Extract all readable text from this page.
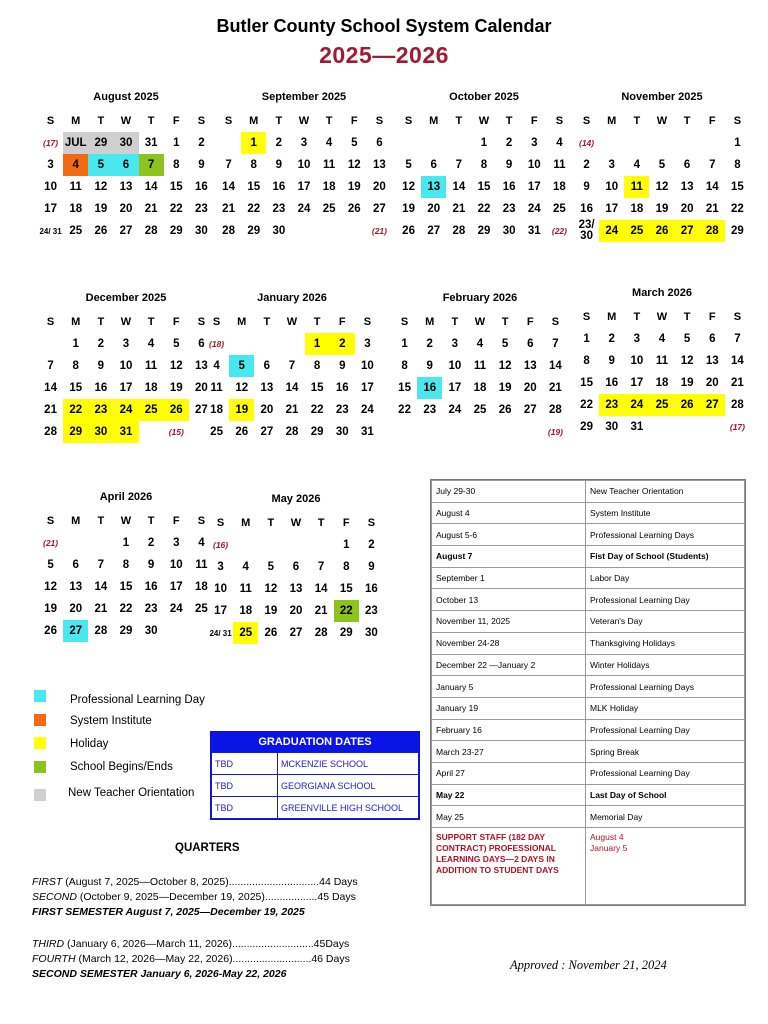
Butler County School System Calendar
2025—2026
August 2025
S	M	T	W	T	F	S
(17)	JUL	29	30	31	1	2
3	4	5	6	7	8	9
10	11	12	13	14	15	16
17	18	19	20	21	22	23
24/ 31	25	26	27	28	29	30
September 2025
S	M	T	W	T	F	S
	1	2	3	4	5	6
7	8	9	10	11	12	13
14	15	16	17	18	19	20
21	22	23	24	25	26	27
28	29	30				(21)
October 2025
S	M	T	W	T	F	S
			1	2	3	4
5	6	7	8	9	10	11
12	13	14	15	16	17	18
19	20	21	22	23	24	25
26	27	28	29	30	31	(22)
November 2025
S	M	T	W	T	F	S
(14)						1
2	3	4	5	6	7	8
9	10	11	12	13	14	15
16	17	18	19	20	21	22
23/ 30	24	25	26	27	28	29
December 2025
S	M	T	W	T	F	S
	1	2	3	4	5	6
7	8	9	10	11	12	13
14	15	16	17	18	19	20
21	22	23	24	25	26	27
28	29	30	31		(15)	
January 2026
S	M	T	W	T	F	S
(18)				1	2	3
4	5	6	7	8	9	10
11	12	13	14	15	16	17
18	19	20	21	22	23	24
25	26	27	28	29	30	31
February 2026
S	M	T	W	T	F	S
1	2	3	4	5	6	7
8	9	10	11	12	13	14
15	16	17	18	19	20	21
22	23	24	25	26	27	28
						(19)
March 2026
S	M	T	W	T	F	S
1	2	3	4	5	6	7
8	9	10	11	12	13	14
15	16	17	18	19	20	21
22	23	24	25	26	27	28
29	30	31				(17)
April 2026
S	M	T	W	T	F	S
(21)			1	2	3	4
5	6	7	8	9	10	11
12	13	14	15	16	17	18
19	20	21	22	23	24	25
26	27	28	29	30		
May 2026
S	M	T	W	T	F	S
(16)					1	2
3	4	5	6	7	8	9
10	11	12	13	14	15	16
17	18	19	20	21	22	23
24/ 31	25	26	27	28	29	30
Professional Learning Day
System Institute
Holiday
School Begins/Ends
New Teacher Orientation
GRADUATION DATES
TBD	MCKENZIE SCHOOL
TBD	GEORGIANA SCHOOL
TBD	GREENVILLE HIGH SCHOOL
QUARTERS
FIRST (August 7, 2025—October 8, 2025)...............................44 Days
SECOND (October 9, 2025—December 19, 2025)..................45 Days
FIRST SEMESTER August 7, 2025—December 19, 2025
THIRD (January 6, 2026—March 11, 2026)............................45Days
FOURTH (March 12, 2026—May 22, 2026)...........................46 Days
SECOND SEMESTER January 6, 2026-May 22, 2026
July 29-30	New Teacher Orientation
August 4	System Institute
August 5-6	Professional Learning Days
August 7	Fist Day of School (Students)
September 1	Labor Day
October 13	Professional Learning Day
November 11, 2025	Veteran's Day
November 24-28	Thanksgiving Holidays
December 22 —January 2	Winter Holidays
January 5	Professional Learning Days
January 19	MLK Holiday
February 16	Professional Learning Day
March 23-27	Spring Break
April 27	Professional Learning Day
May 22	Last Day of School
May 25	Memorial Day
SUPPORT STAFF (182 DAY CONTRACT) PROFESSIONAL LEARNING DAYS—2 DAYS IN ADDITION TO STUDENT DAYS	August 4
January 5
Approved : November 21, 2024
